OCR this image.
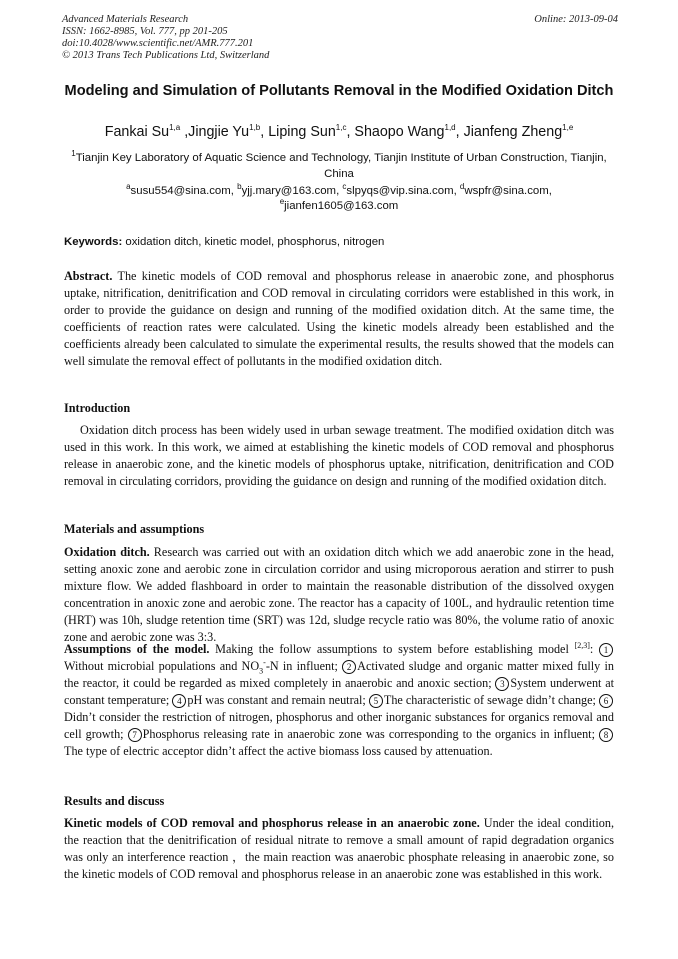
Advanced Materials Research
ISSN: 1662-8985, Vol. 777, pp 201-205
doi:10.4028/www.scientific.net/AMR.777.201
© 2013 Trans Tech Publications Ltd, Switzerland
Online: 2013-09-04
Modeling and Simulation of Pollutants Removal in the Modified Oxidation Ditch
Fankai Su$^{1,a}$ ,Jingjie Yu$^{1,b}$, Liping Sun$^{1,c}$, Shaopo Wang$^{1,d}$, Jianfeng Zheng$^{1,e}$
$^1$Tianjin Key Laboratory of Aquatic Science and Technology, Tianjin Institute of Urban Construction, Tianjin, China
$^a$susu554@sina.com, $^b$yjj.mary@163.com, $^c$slpyqs@vip.sina.com, $^d$wspfr@sina.com,
$^e$jianfen1605@163.com
Keywords: oxidation ditch, kinetic model, phosphorus, nitrogen
Abstract. The kinetic models of COD removal and phosphorus release in anaerobic zone, and phosphorus uptake, nitrification, denitrification and COD removal in circulating corridors were established in this work, in order to provide the guidance on design and running of the modified oxidation ditch. At the same time, the coefficients of reaction rates were calculated. Using the kinetic models already been established and the coefficients already been calculated to simulate the experimental results, the results showed that the models can well simulate the removal effect of pollutants in the modified oxidation ditch.
Introduction
Oxidation ditch process has been widely used in urban sewage treatment. The modified oxidation ditch was used in this work. In this work, we aimed at establishing the kinetic models of COD removal and phosphorus release in anaerobic zone, and the kinetic models of phosphorus uptake, nitrification, denitrification and COD removal in circulating corridors, providing the guidance on design and running of the modified oxidation ditch.
Materials and assumptions
Oxidation ditch. Research was carried out with an oxidation ditch which we add anaerobic zone in the head, setting anoxic zone and aerobic zone in circulation corridor and using microporous aeration and stirrer to push mixture flow. We added flashboard in order to maintain the reasonable distribution of the dissolved oxygen concentration in anoxic zone and aerobic zone. The reactor has a capacity of 100L, and hydraulic retention time (HRT) was 10h, sludge retention time (SRT) was 12d, sludge recycle ratio was 80%, the volume ratio of anoxic zone and aerobic zone was 3:3.
Assumptions of the model. Making the follow assumptions to system before establishing model [2,3]: 1Without microbial populations and $NO_3^--N$ in influent; 2 Activated sludge and organic matter mixed fully in the reactor, it could be regarded as mixed completely in anaerobic and anoxic section; 3 System underwent at constant temperature; 4 pH was constant and remain neutral; 5 The characteristic of sewage didn’t change; 6Didn’t consider the restriction of nitrogen, phosphorus and other inorganic substances for organics removal and cell growth; 7 Phosphorus releasing rate in anaerobic zone was corresponding to the organics in influent; 8The type of electric acceptor didn’t affect the active biomass loss caused by attenuation.
Results and discuss
Kinetic models of COD removal and phosphorus release in an anaerobic zone. Under the ideal condition, the reaction that the denitrification of residual nitrate to remove a small amount of rapid degradation organics was only an interference reaction ，the main reaction was anaerobic phosphate releasing in anaerobic zone, so the kinetic models of COD removal and phosphorus release in an anaerobic zone was established in this work.
